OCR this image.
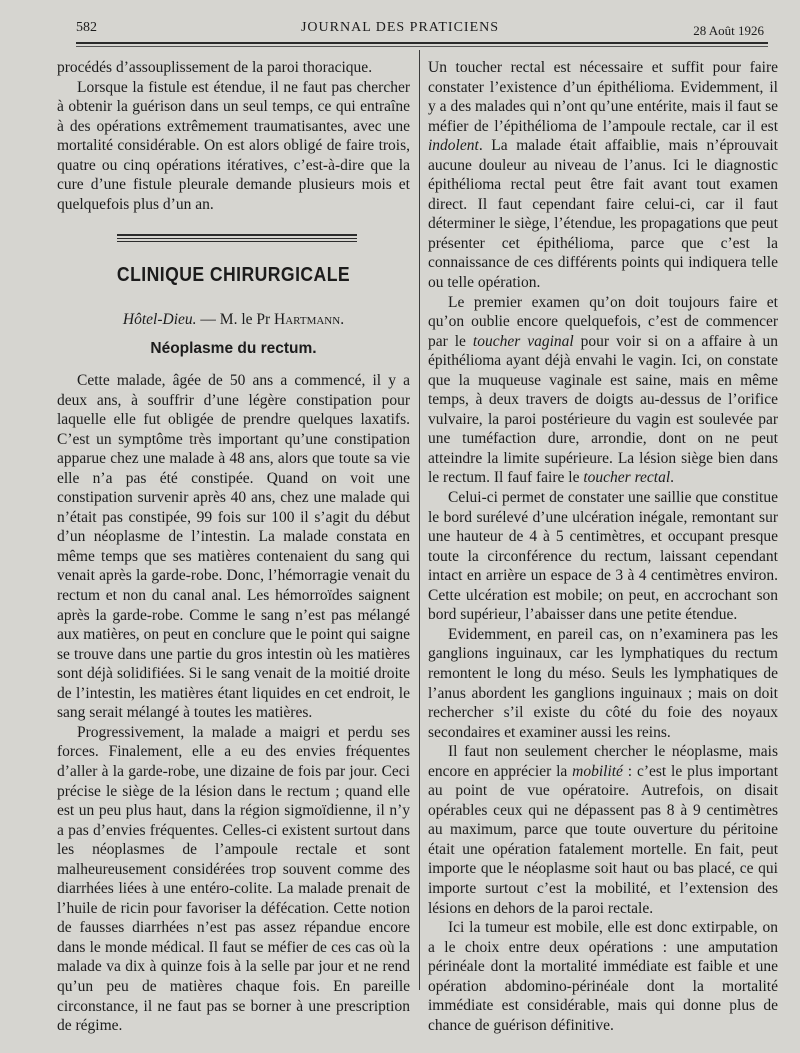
582	JOURNAL DES PRATICIENS	28 Août 1926

procédés d’assouplissement de la paroi thoracique.

Lorsque la fistule est étendue, il ne faut pas chercher à obtenir la guérison dans un seul temps, ce qui entraîne à des opérations extrêmement traumatisantes, avec une mortalité considérable. On est alors obligé de faire trois, quatre ou cinq opérations itératives, c’est-à-dire que la cure d’une fistule pleurale demande plusieurs mois et quelquefois plus d’un an.

CLINIQUE CHIRURGICALE
Hôtel-Dieu. — M. le Pr Hartmann.
Néoplasme du rectum.

Cette malade, âgée de 50 ans a commencé, il y a deux ans, à souffrir d’une légère constipation pour laquelle elle fut obligée de prendre quelques laxatifs. C’est un symptôme très important qu’une constipation apparue chez une malade à 48 ans, alors que toute sa vie elle n’a pas été constipée. Quand on voit une constipation survenir après 40 ans, chez une malade qui n’était pas constipée, 99 fois sur 100 il s’agit du début d’un néoplasme de l’intestin. La malade constata en même temps que ses matières contenaient du sang qui venait après la garde-robe. Donc, l’hémorragie venait du rectum et non du canal anal. Les hémorroïdes saignent après la garde-robe. Comme le sang n’est pas mélangé aux matières, on peut en conclure que le point qui saigne se trouve dans une partie du gros intestin où les matières sont déjà solidifiées. Si le sang venait de la moitié droite de l’intestin, les matières étant liquides en cet endroit, le sang serait mélangé à toutes les matières.

Progressivement, la malade a maigri et perdu ses forces. Finalement, elle a eu des envies fréquentes d’aller à la garde-robe, une dizaine de fois par jour. Ceci précise le siège de la lésion dans le rectum ; quand elle est un peu plus haut, dans la région sigmoïdienne, il n’y a pas d’envies fréquentes. Celles-ci existent surtout dans les néoplasmes de l’ampoule rectale et sont malheureusement considérées trop souvent comme des diarrhées liées à une entéro-colite. La malade prenait de l’huile de ricin pour favoriser la défécation. Cette notion de fausses diarrhées n’est pas assez répandue encore dans le monde médical. Il faut se méfier de ces cas où la malade va dix à quinze fois à la selle par jour et ne rend qu’un peu de matières chaque fois. En pareille circonstance, il ne faut pas se borner à une prescription de régime.

Un toucher rectal est nécessaire et suffit pour faire constater l’existence d’un épithélioma. Evidemment, il y a des malades qui n’ont qu’une entérite, mais il faut se méfier de l’épithélioma de l’ampoule rectale, car il est indolent. La malade était affaiblie, mais n’éprouvait aucune douleur au niveau de l’anus. Ici le diagnostic épithélioma rectal peut être fait avant tout examen direct. Il faut cependant faire celui-ci, car il faut déterminer le siège, l’étendue, les propagations que peut présenter cet épithélioma, parce que c’est la connaissance de ces différents points qui indiquera telle ou telle opération.

Le premier examen qu’on doit toujours faire et qu’on oublie encore quelquefois, c’est de commencer par le toucher vaginal pour voir si on a affaire à un épithélioma ayant déjà envahi le vagin. Ici, on constate que la muqueuse vaginale est saine, mais en même temps, à deux travers de doigts au-dessus de l’orifice vulvaire, la paroi postérieure du vagin est soulevée par une tuméfaction dure, arrondie, dont on ne peut atteindre la limite supérieure. La lésion siège bien dans le rectum. Il fauf faire le toucher rectal.

Celui-ci permet de constater une saillie que constitue le bord surélevé d’une ulcération inégale, remontant sur une hauteur de 4 à 5 centimètres, et occupant presque toute la circonférence du rectum, laissant cependant intact en arrière un espace de 3 à 4 centimètres environ. Cette ulcération est mobile; on peut, en accrochant son bord supérieur, l’abaisser dans une petite étendue.

Evidemment, en pareil cas, on n’examinera pas les ganglions inguinaux, car les lymphatiques du rectum remontent le long du méso. Seuls les lymphatiques de l’anus abordent les ganglions inguinaux ; mais on doit rechercher s’il existe du côté du foie des noyaux secondaires et examiner aussi les reins.

Il faut non seulement chercher le néoplasme, mais encore en apprécier la mobilité : c’est le plus important au point de vue opératoire. Autrefois, on disait opérables ceux qui ne dépassent pas 8 à 9 centimètres au maximum, parce que toute ouverture du péritoine était une opération fatalement mortelle. En fait, peut importe que le néoplasme soit haut ou bas placé, ce qui importe surtout c’est la mobilité, et l’extension des lésions en dehors de la paroi rectale.

Ici la tumeur est mobile, elle est donc extirpable, on a le choix entre deux opérations : une amputation périnéale dont la mortalité immédiate est faible et une opération abdomino-périnéale dont la mortalité immédiate est considérable, mais qui donne plus de chance de guérison définitive.
